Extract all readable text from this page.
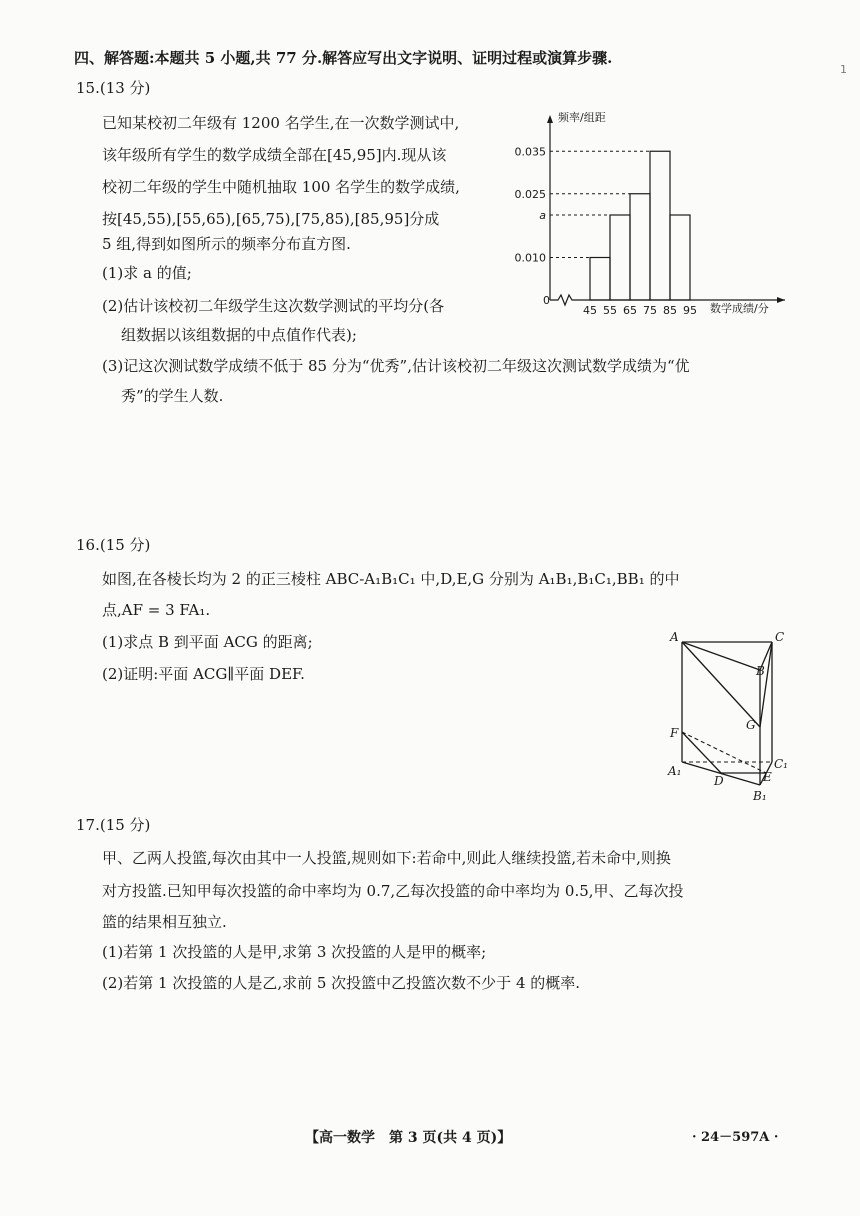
1
四、解答题:本题共 5 小题,共 77 分.解答应写出文字说明、证明过程或演算步骤.
15.(13 分)
已知某校初二年级有 1200 名学生,在一次数学测试中,
该年级所有学生的数学成绩全部在[45,95]内.现从该
校初二年级的学生中随机抽取 100 名学生的数学成绩,
按[45,55),[55,65),[65,75),[75,85),[85,95]分成
5 组,得到如图所示的频率分布直方图.
(1)求 a 的值;
(2)估计该校初二年级学生这次数学测试的平均分(各
组数据以该组数据的中点值作代表);
(3)记这次测试数学成绩不低于 85 分为“优秀”,估计该校初二年级这次测试数学成绩为“优
秀”的学生人数.
频率/组距
数学成绩/分
0
0.035
0.025
a
0.010
45 55 65 75 85 95
16.(15 分)
如图,在各棱长均为 2 的正三棱柱 ABC-A₁B₁C₁ 中,D,E,G 分别为 A₁B₁,B₁C₁,BB₁ 的中
点,AF = 3 FA₁.
(1)求点 B 到平面 ACG 的距离;
(2)证明:平面 ACG∥平面 DEF.
A	C
B
G
F
A₁	C₁
E
D
B₁
17.(15 分)
甲、乙两人投篮,每次由其中一人投篮,规则如下:若命中,则此人继续投篮,若未命中,则换
对方投篮.已知甲每次投篮的命中率均为 0.7,乙每次投篮的命中率均为 0.5,甲、乙每次投
篮的结果相互独立.
(1)若第 1 次投篮的人是甲,求第 3 次投篮的人是甲的概率;
(2)若第 1 次投篮的人是乙,求前 5 次投篮中乙投篮次数不少于 4 的概率.
【高一数学　第 3 页(共 4 页)】	· 24－597A ·
